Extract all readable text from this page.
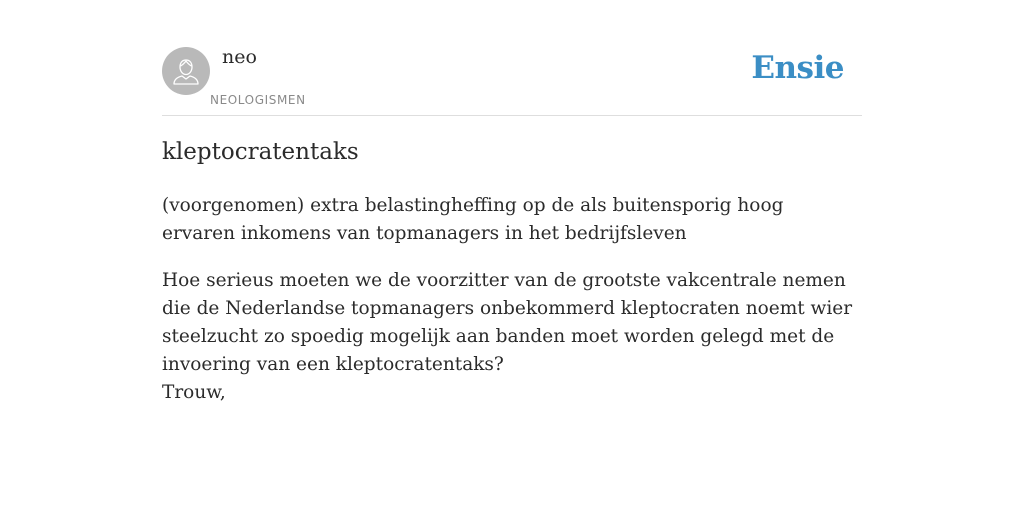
neo
NEOLOGISMEN
Ensie
kleptocratentaks

(voorgenomen) extra belastingheffing op de als buitensporig hoog ervaren inkomens van topmanagers in het bedrijfsleven

Hoe serieus moeten we de voorzitter van de grootste vakcentrale nemen die de Nederlandse topmanagers onbekommerd kleptocraten noemt wier steelzucht zo spoedig mogelijk aan banden moet worden gelegd met de invoering van een kleptocratentaks?
Trouw,
